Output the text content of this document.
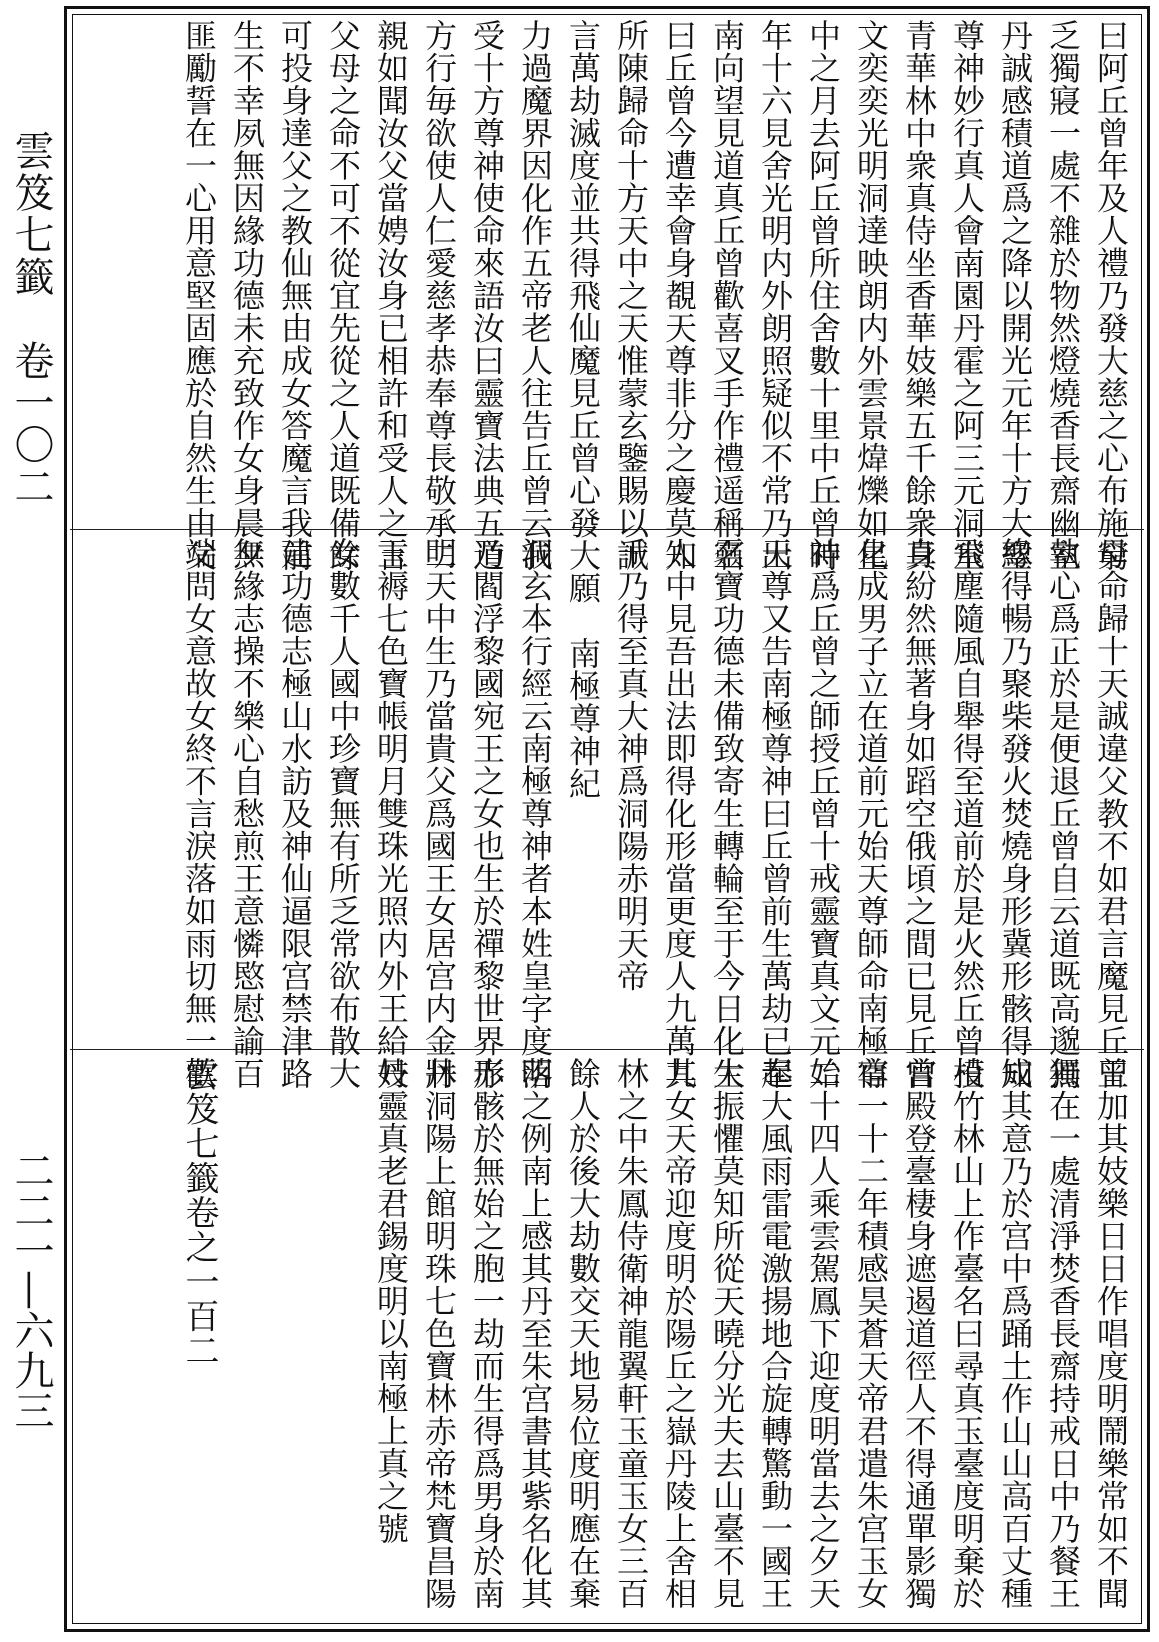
雲笈七籤　卷一〇二
二二一—六九三
曰阿丘曾年及人禮乃發大慈之心布施窮
乏獨寢一處不雜於物然燈燒香長齋幽室
丹誠感積道爲之降以開光元年十方大聖
尊神妙行真人會南園丹霍之阿三元洞室
青華林中衆真侍坐香華妓樂五千餘衆真
文奕奕光明洞達映朗内外雲景煒爍如星
中之月去阿丘曾所住舍數十里中丘曾時
年十六見舍光明内外朗照疑似不常乃出
南向望見道真丘曾歡喜叉手作禮遥稱名
曰丘曾今遭幸會身覩天尊非分之慶莫知
所陳歸命十方天中之天惟蒙玄鑒賜以誠
言萬劫滅度並共得飛仙魔見丘曾心發大願
力過魔界因化作五帝老人往告丘曾云我
受十方尊神使命來語汝曰靈寶法典五道
方行毎欲使人仁愛慈孝恭奉尊長敬承二
親如聞汝父當娉汝身已相許和受人之言
父母之命不可不從宜先從之人道既備餘
可投身達父之教仙無由成女答魔言我前
生不幸夙無因緣功德未充致作女身晨夕
匪勵誓在一心用意堅固應於自然生由父
母命歸十天誠違父教不如君言魔見丘曾
執心爲正於是便退丘曾自云道既高邈無
緣得暢乃聚柴發火焚燒身形冀形骸得成
飛塵隨風自舉得至道前於是火然丘曾投
身紛然無著身如蹈空俄頃之間已見丘曾
化成男子立在道前元始天尊師命南極尊
神爲丘曾之師授丘曾十戒靈寶真文元始
天尊又告南極尊神曰丘曾前生萬劫已奉
靈寶功德未備致寄生轉輪至于今日化生
人中見吾出法即得化形當更度人九萬九
千乃得至真大神爲洞陽赤明天帝
南極尊神紀
洞玄本行經云南極尊神者本姓皇字度明
乃閻浮黎國宛王之女也生於禪黎世界赤
明天中生乃當貴父爲國王女居宫内金牀
玉褥七色寶帳明月雙珠光照内外王給妓
女數千人國中珍寶無有所乏常欲布散大
建功德志極山水訪及神仙逼限宫禁津路
無緣志操不樂心自愁煎王意憐愍慰諭百
端問女意故女終不言淚落如雨切無一歡
王加其妓樂日日作唱度明鬧樂常如不聞
獨在一處清淨焚香長齋持戒日中乃餐王
知其意乃於宫中爲踊土作山山高百丈種
植竹林山上作臺名曰尋真玉臺度明棄於
宫殿登臺棲身遮遏道徑人不得通單影獨
宿一十二年積感昊蒼天帝君遣朱宫玉女
二十四人乘雲駕鳳下迎度明當去之夕天
起大風雨雷電激揚地合旋轉驚動一國王
大振懼莫知所從天曉分光夫去山臺不見
其女天帝迎度明於陽丘之嶽丹陵上舍相
林之中朱鳳侍衛神龍翼軒玉童玉女三百
餘人於後大劫數交天地易位度明應在棄
落之例南上感其丹至朱宫書其紫名化其
形骸於無始之胞一劫而生得爲男身於南
丹洞陽上館明珠七色寶林赤帝梵寶昌陽
丹靈真老君錫度明以南極上真之號
雲笈七籤卷之一百二
